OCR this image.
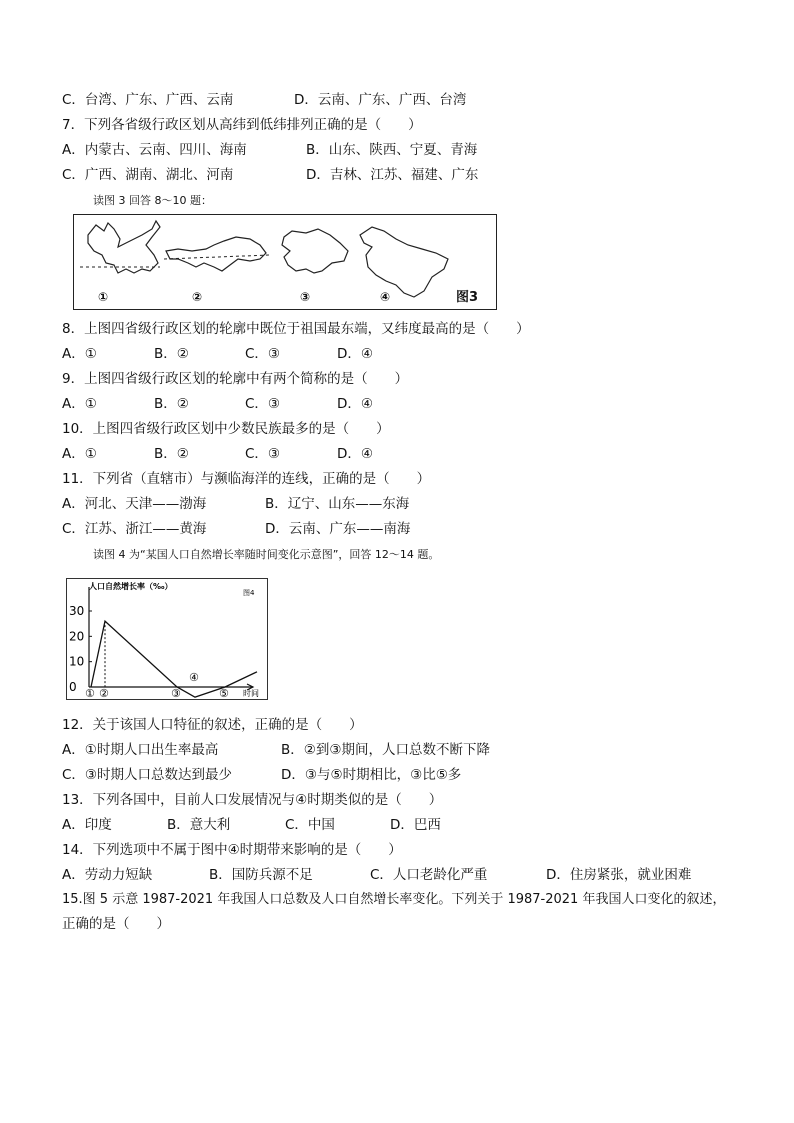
C．台湾、广东、广西、云南	D．云南、广东、广西、台湾
7．下列各省级行政区划从高纬到低纬排列正确的是（　　）
A．内蒙古、云南、四川、海南	B．山东、陕西、宁夏、青海
C．广西、湖南、湖北、河南	D．吉林、江苏、福建、广东
读图 3 回答 8～10 题：
①	②	③	④	图3
8．上图四省级行政区划的轮廓中既位于祖国最东端，又纬度最高的是（　　）
A．①	B．②	C．③	D．④
9．上图四省级行政区划的轮廓中有两个简称的是（　　）
A．①	B．②	C．③	D．④
10．上图四省级行政区划中少数民族最多的是（　　）
A．①	B．②	C．③	D．④
11．下列省（直辖市）与濒临海洋的连线，正确的是（　　）
A．河北、天津——渤海	B．辽宁、山东——东海
C．江苏、浙江——黄海	D．云南、广东——南海
读图 4 为“某国人口自然增长率随时间变化示意图”，回答 12～14 题。
人口自然增长率（‰）
图4
时间
0
10
20
30
① ②	③
④
⑤
12．关于该国人口特征的叙述，正确的是（　　）
A．①时期人口出生率最高	B．②到③期间，人口总数不断下降
C．③时期人口总数达到最少	D．③与⑤时期相比，③比⑤多
13．下列各国中，目前人口发展情况与④时期类似的是（　　）
A．印度	B．意大利	C．中国	D．巴西
14．下列选项中不属于图中④时期带来影响的是（　　）
A．劳动力短缺	B．国防兵源不足	C．人口老龄化严重	D．住房紧张，就业困难
15.图 5 示意 1987-2021 年我国人口总数及人口自然增长率变化。下列关于 1987-2021 年我国人口变化的叙述，
正确的是（　　）
